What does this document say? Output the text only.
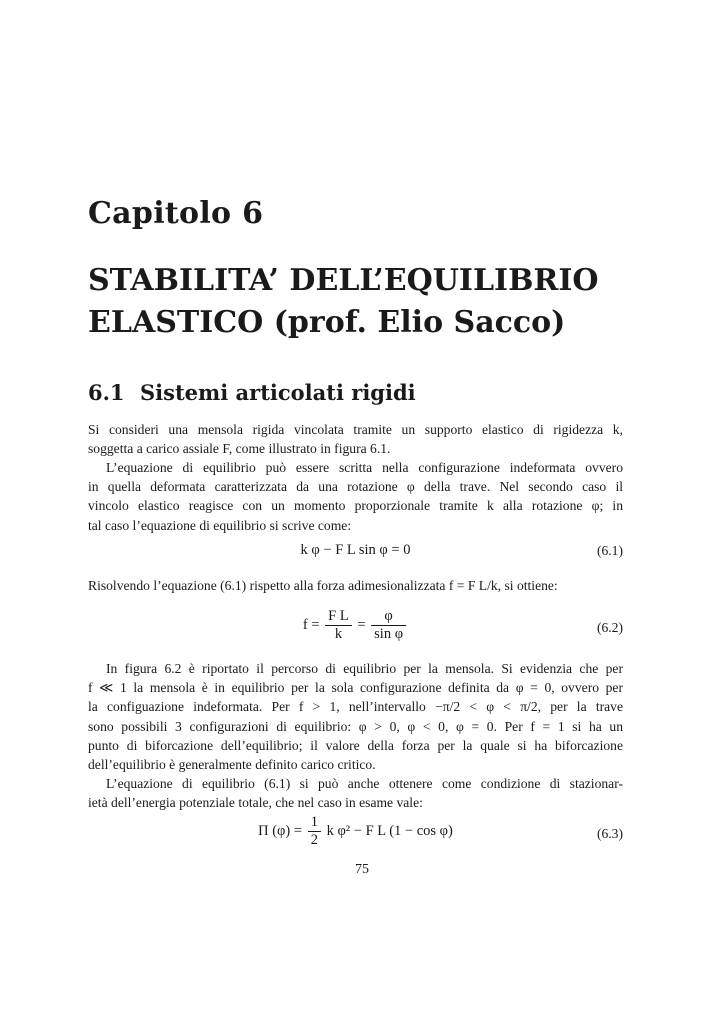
Capitolo 6
STABILITA’ DELL’EQUILIBRIO
ELASTICO (prof. Elio Sacco)
6.1 Sistemi articolati rigidi
Si consideri una mensola rigida vincolata tramite un supporto elastico di rigidezza k,
soggetta a carico assiale F, come illustrato in figura 6.1.
L’equazione di equilibrio può essere scritta nella configurazione indeformata ovvero
in quella deformata caratterizzata da una rotazione φ della trave. Nel secondo caso il
vincolo elastico reagisce con un momento proporzionale tramite k alla rotazione φ; in
tal caso l’equazione di equilibrio si scrive come:
k φ − F L sin φ = 0	(6.1)
Risolvendo l’equazione (6.1) rispetto alla forza adimesionalizzata f = F L/k, si ottiene:
$f = \frac{\text{F L}}{k} = \frac{\varphi}{\text{sin φ}}$	(6.2)
In figura 6.2 è riportato il percorso di equilibrio per la mensola. Si evidenzia che per
f ≪ 1 la mensola è in equilibrio per la sola configurazione definita da φ = 0, ovvero per
la configuazione indeformata. Per f > 1, nell’intervallo −π/2 < φ < π/2, per la trave
sono possibili 3 configurazioni di equilibrio: φ > 0, φ < 0, φ = 0. Per f = 1 si ha un
punto di biforcazione dell’equilibrio; il valore della forza per la quale si ha biforcazione
dell’equilibrio è generalmente definito carico critico.
L’equazione di equilibrio (6.1) si può anche ottenere come condizione di stazionar-
ietà dell’energia potenziale totale, che nel caso in esame vale:
Π $(\varphi) = \frac{1}{2}$ k φ² − F L (1 − cos φ)	(6.3)
75
